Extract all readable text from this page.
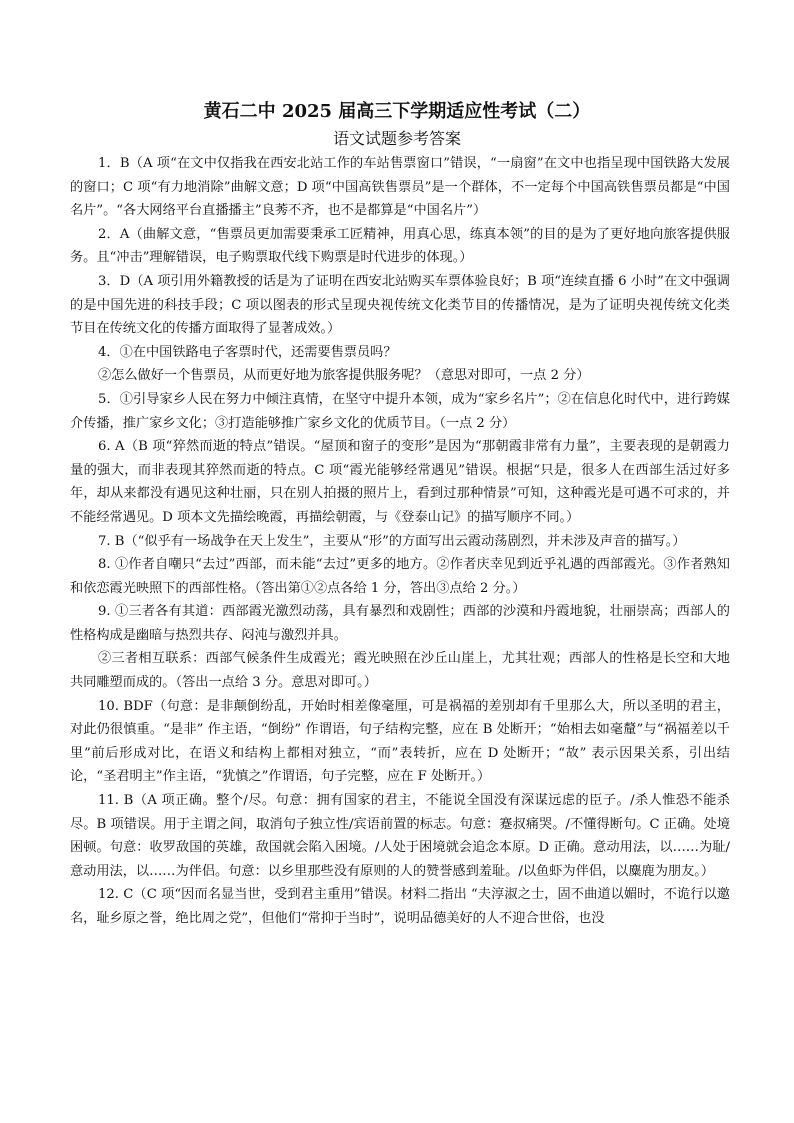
黄石二中 2025 届高三下学期适应性考试（二）
语文试题参考答案

1．B（A 项“在文中仅指我在西安北站工作的车站售票窗口”错误，“一扇窗”在文中也指呈现中国铁路大发展的窗口；C 项“有力地消除”曲解文意；D 项“中国高铁售票员”是一个群体，不一定每个中国高铁售票员都是“中国名片”。“各大网络平台直播播主”良莠不齐，也不是都算是“中国名片”）

2．A（曲解文意，“售票员更加需要秉承工匠精神，用真心思，练真本领”的目的是为了更好地向旅客提供服务。且“冲击”理解错误，电子购票取代线下购票是时代进步的体现。）

3．D（A 项引用外籍教授的话是为了证明在西安北站购买车票体验良好；B 项“连续直播 6 小时”在文中强调的是中国先进的科技手段；C 项以图表的形式呈现央视传统文化类节目的传播情况，是为了证明央视传统文化类节目在传统文化的传播方面取得了显著成效。）

4．①在中国铁路电子客票时代，还需要售票员吗？

②怎么做好一个售票员，从而更好地为旅客提供服务呢？（意思对即可，一点 2 分）

5．①引导家乡人民在努力中倾注真情，在坚守中提升本领，成为“家乡名片”；②在信息化时代中，进行跨媒介传播，推广家乡文化；③打造能够推广家乡文化的优质节目。（一点 2 分）

6. A（B 项“猝然而逝的特点”错误。“屋顶和窗子的变形”是因为“那朝霞非常有力量”，主要表现的是朝霞力量的强大，而非表现其猝然而逝的特点。C 项“霞光能够经常遇见”错误。根据“只是，很多人在西部生活过好多年，却从来都没有遇见这种壮丽，只在别人拍摄的照片上，看到过那种情景”可知，这种霞光是可遇不可求的，并不能经常遇见。D 项本文先描绘晚霞，再描绘朝霞，与《登泰山记》的描写顺序不同。）

7. B（“似乎有一场战争在天上发生”，主要从“形”的方面写出云霞动荡剧烈，并未涉及声音的描写。）

8. ①作者自嘲只“去过”西部，而未能“去过”更多的地方。②作者庆幸见到近乎礼遇的西部霞光。③作者熟知和依恋霞光映照下的西部性格。（答出第①②点各给 1 分，答出③点给 2 分。）

9. ①三者各有其道：西部霞光激烈动荡，具有暴烈和戏剧性；西部的沙漠和丹霞地貌，壮丽崇高；西部人的性格构成是幽暗与热烈共存、闷沌与激烈并具。

②三者相互联系：西部气候条件生成霞光；霞光映照在沙丘山崖上，尤其壮观；西部人的性格是长空和大地共同雕塑而成的。（答出一点给 3 分。意思对即可。）

10. BDF（句意：是非颠倒纷乱，开始时相差像毫厘，可是祸福的差别却有千里那么大，所以圣明的君主，对此仍很慎重。“是非” 作主语，“倒纷” 作谓语，句子结构完整，应在 B 处断开；“始相去如毫釐”与“祸福差以千里”前后形成对比，在语义和结构上都相对独立，“而”表转折，应在 D 处断开；“故” 表示因果关系，引出结论，“圣君明主”作主语，“犹慎之”作谓语，句子完整，应在 F 处断开。）

11. B（A 项正确。整个/尽。句意：拥有国家的君主，不能说全国没有深谋远虑的臣子。/杀人惟恐不能杀尽。B 项错误。用于主谓之间，取消句子独立性/宾语前置的标志。句意：蹇叔痛哭。/不懂得断句。C 正确。处境困顿。句意：收罗敌国的英雄，敌国就会陷入困境。/人处于困境就会追念本原。D 正确。意动用法，以……为耻/意动用法，以……为伴侣。句意：以乡里那些没有原则的人的赞誉感到羞耻。/以鱼虾为伴侣，以麋鹿为朋友。）

12. C（C 项“因而名显当世，受到君主重用”错误。材料二指出 “夫淳淑之士，固不曲道以媚时，不诡行以邀名，耻乡原之誉，绝比周之党”，但他们“常抑于当时”，说明品德美好的人不迎合世俗，也没
